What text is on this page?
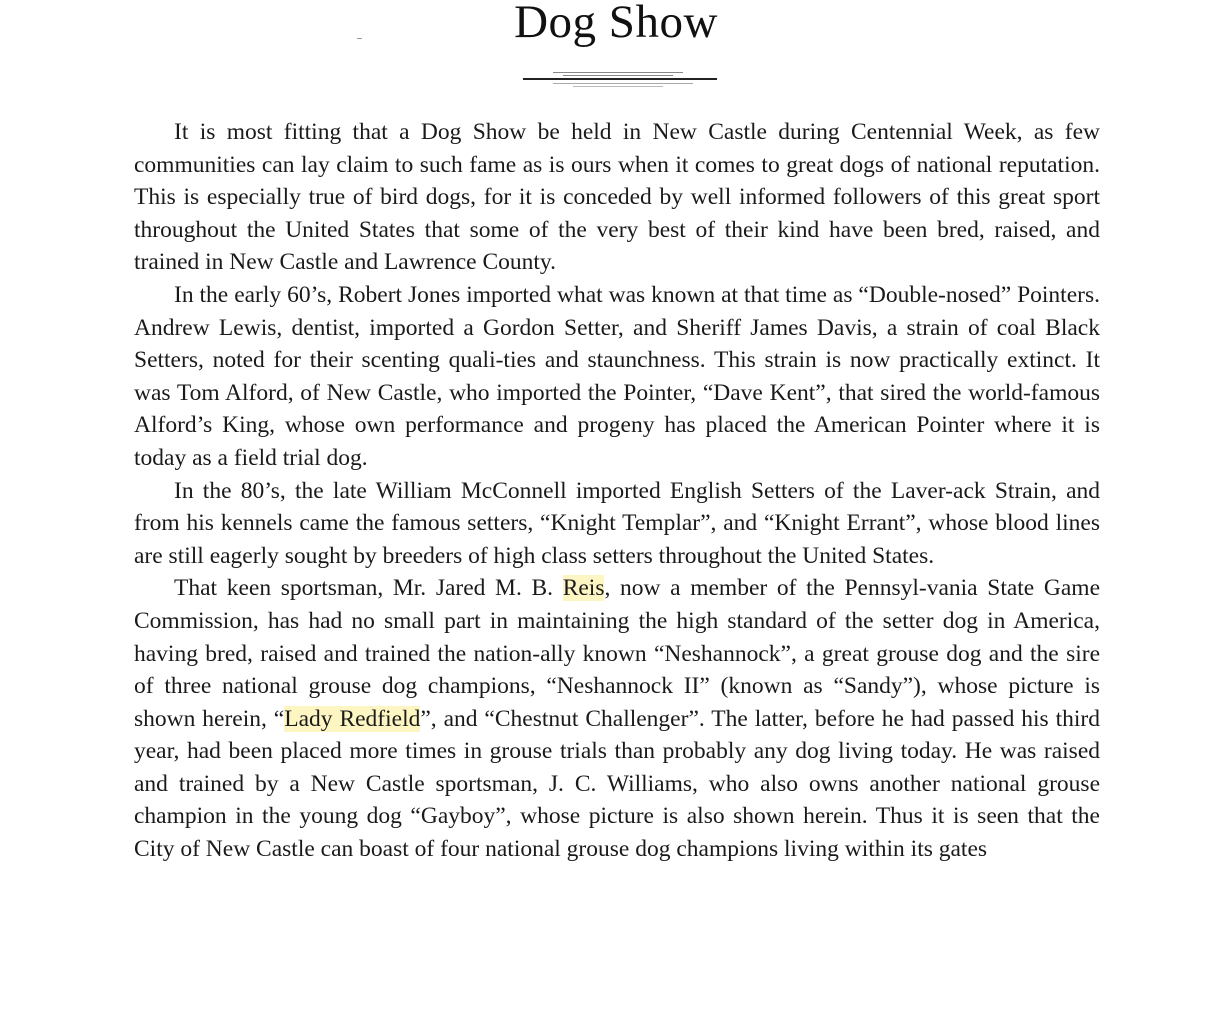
Dog Show

It is most fitting that a Dog Show be held in New Castle during Centennial Week, as few communities can lay claim to such fame as is ours when it comes to great dogs of national reputation. This is especially true of bird dogs, for it is conceded by well informed followers of this great sport throughout the United States that some of the very best of their kind have been bred, raised, and trained in New Castle and Lawrence County.

In the early 60’s, Robert Jones imported what was known at that time as “Double-nosed” Pointers. Andrew Lewis, dentist, imported a Gordon Setter, and Sheriff James Davis, a strain of coal Black Setters, noted for their scenting quali-ties and staunchness. This strain is now practically extinct. It was Tom Alford, of New Castle, who imported the Pointer, “Dave Kent”, that sired the world-famous Alford’s King, whose own performance and progeny has placed the American Pointer where it is today as a field trial dog.

In the 80’s, the late William McConnell imported English Setters of the Laver-ack Strain, and from his kennels came the famous setters, “Knight Templar”, and “Knight Errant”, whose blood lines are still eagerly sought by breeders of high class setters throughout the United States.

That keen sportsman, Mr. Jared M. B. Reis, now a member of the Pennsyl-vania State Game Commission, has had no small part in maintaining the high standard of the setter dog in America, having bred, raised and trained the nation-ally known “Neshannock”, a great grouse dog and the sire of three national grouse dog champions, “Neshannock II” (known as “Sandy”), whose picture is shown herein, “Lady Redfield”, and “Chestnut Challenger”. The latter, before he had passed his third year, had been placed more times in grouse trials than probably any dog living today. He was raised and trained by a New Castle sportsman, J. C. Williams, who also owns another national grouse champion in the young dog “Gayboy”, whose picture is also shown herein. Thus it is seen that the City of New Castle can boast of four national grouse dog champions living within its gates
